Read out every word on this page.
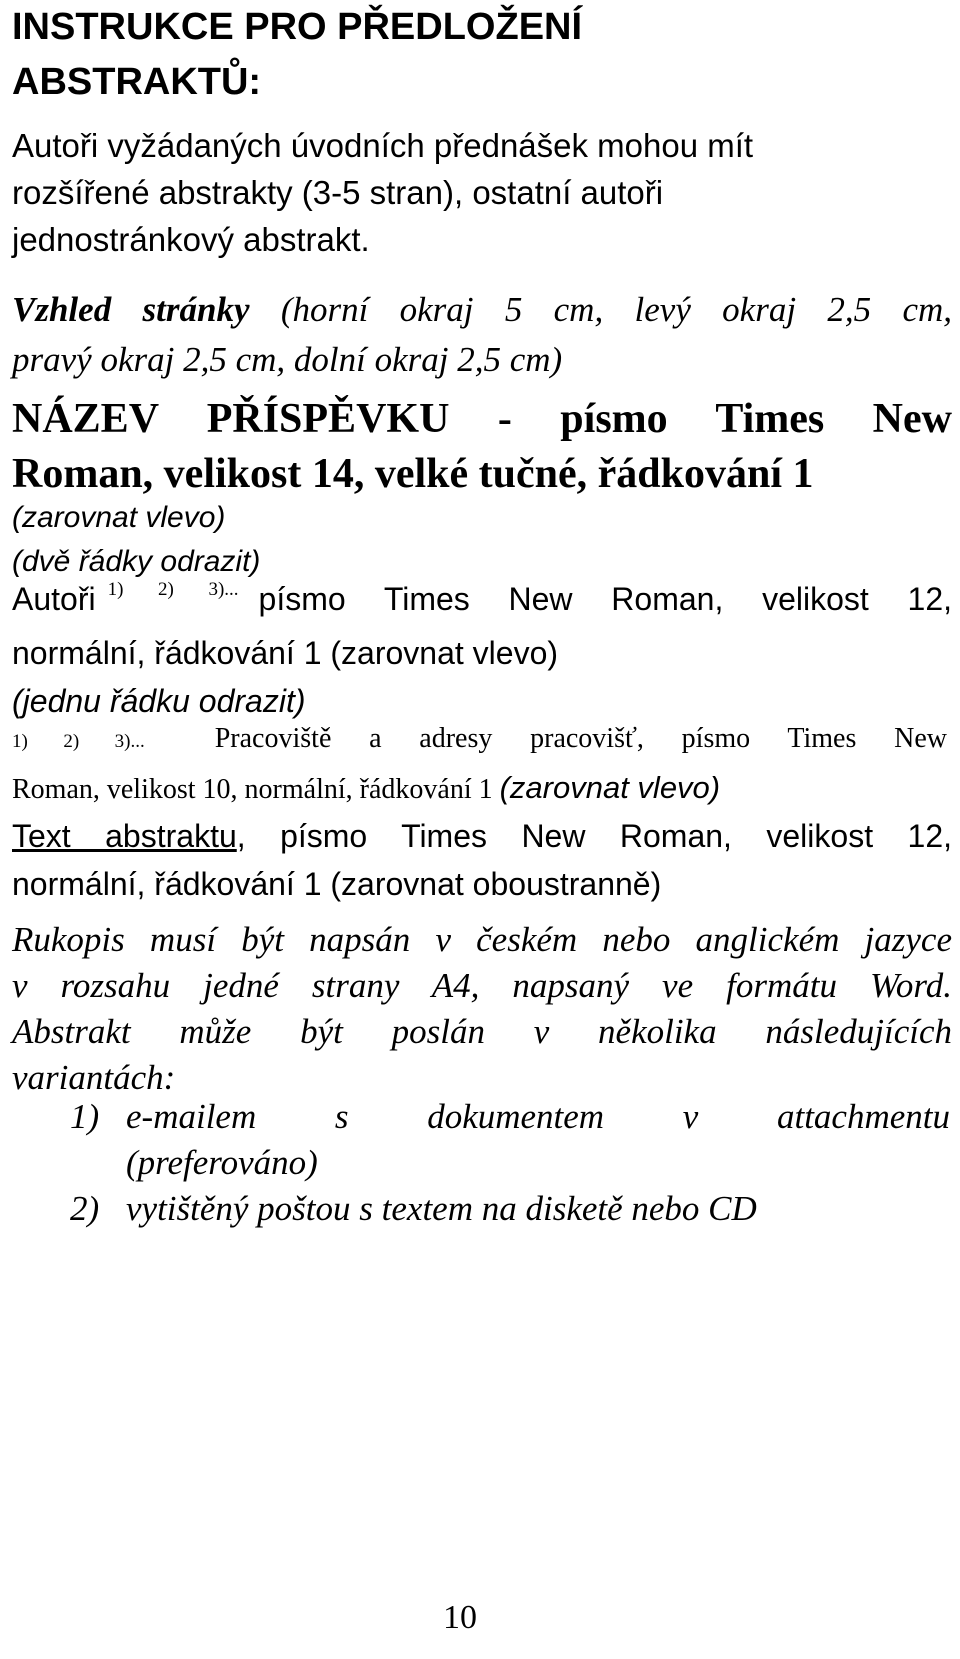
INSTRUKCE PRO PŘEDLOŽENÍ
ABSTRAKTŮ:
Autoři vyžádaných úvodních přednášek mohou mít
rozšířené abstrakty (3-5 stran), ostatní autoři
jednostránkový abstrakt.
Vzhled stránky (horní okraj 5 cm, levý okraj 2,5 cm,
pravý okraj 2,5 cm, dolní okraj 2,5 cm)
NÁZEV PŘÍSPĚVKU - písmo Times New
Roman, velikost 14, velké tučné, řádkování 1
(zarovnat vlevo)
(dvě řádky odrazit)
Autoři $^{1) 2) 3)...}$ písmo Times New Roman, velikost 12,
normální, řádkování 1 (zarovnat vlevo)
(jednu řádku odrazit)
1) 2) 3)...	Pracoviště a adresy pracovišť, písmo Times New
Roman, velikost 10, normální, řádkování 1 (zarovnat vlevo)
Text abstraktu, písmo Times New Roman, velikost 12,
normální, řádkování 1 (zarovnat oboustranně)
Rukopis musí být napsán v českém nebo anglickém jazyce
v rozsahu jedné strany A4, napsaný ve formátu Word.
Abstrakt může být poslán v několika následujících
variantách:
1) e-mailem s dokumentem v attachmentu
(preferováno)
2) vytištěný poštou s textem na disketě nebo CD
10
